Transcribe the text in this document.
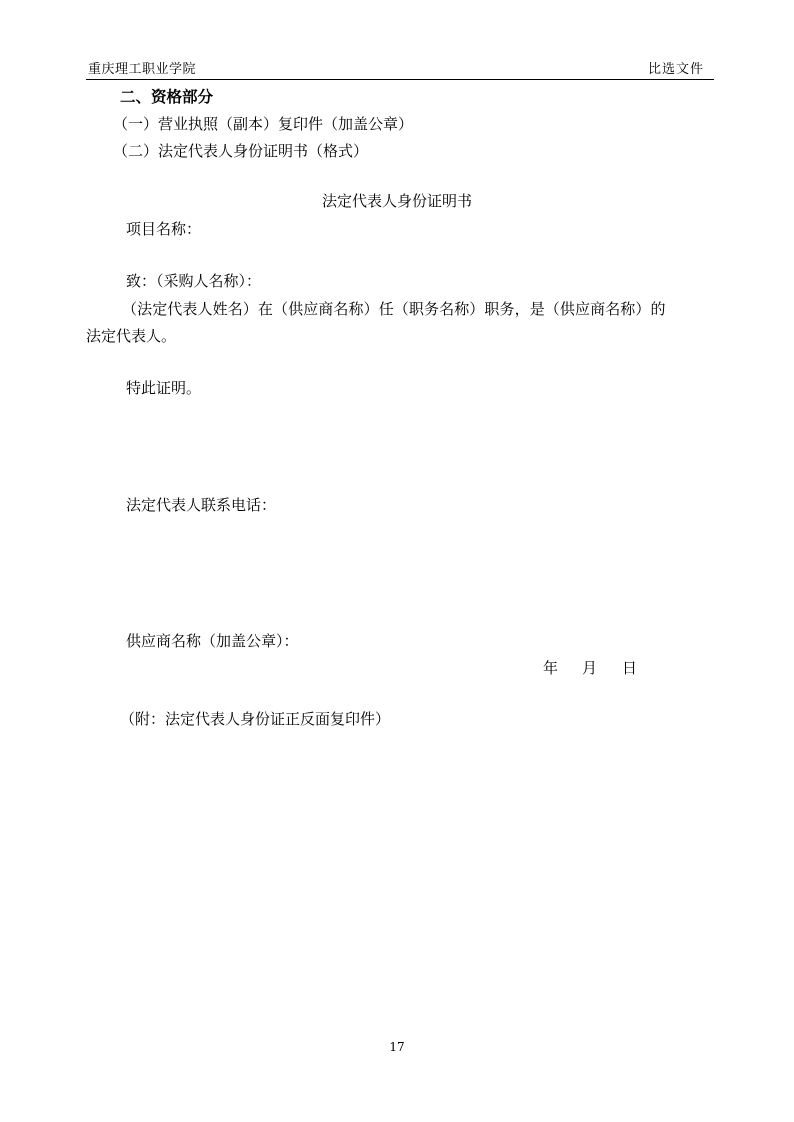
重庆理工职业学院	比选文件
二、资格部分
（一）营业执照（副本）复印件（加盖公章）
（二）法定代表人身份证明书（格式）
法定代表人身份证明书
项目名称：
致：（采购人名称）：
（法定代表人姓名）在（供应商名称）任（职务名称）职务，是（供应商名称）的
法定代表人。
特此证明。
法定代表人联系电话：
供应商名称（加盖公章）：
年 月 日
（附：法定代表人身份证正反面复印件）
17
